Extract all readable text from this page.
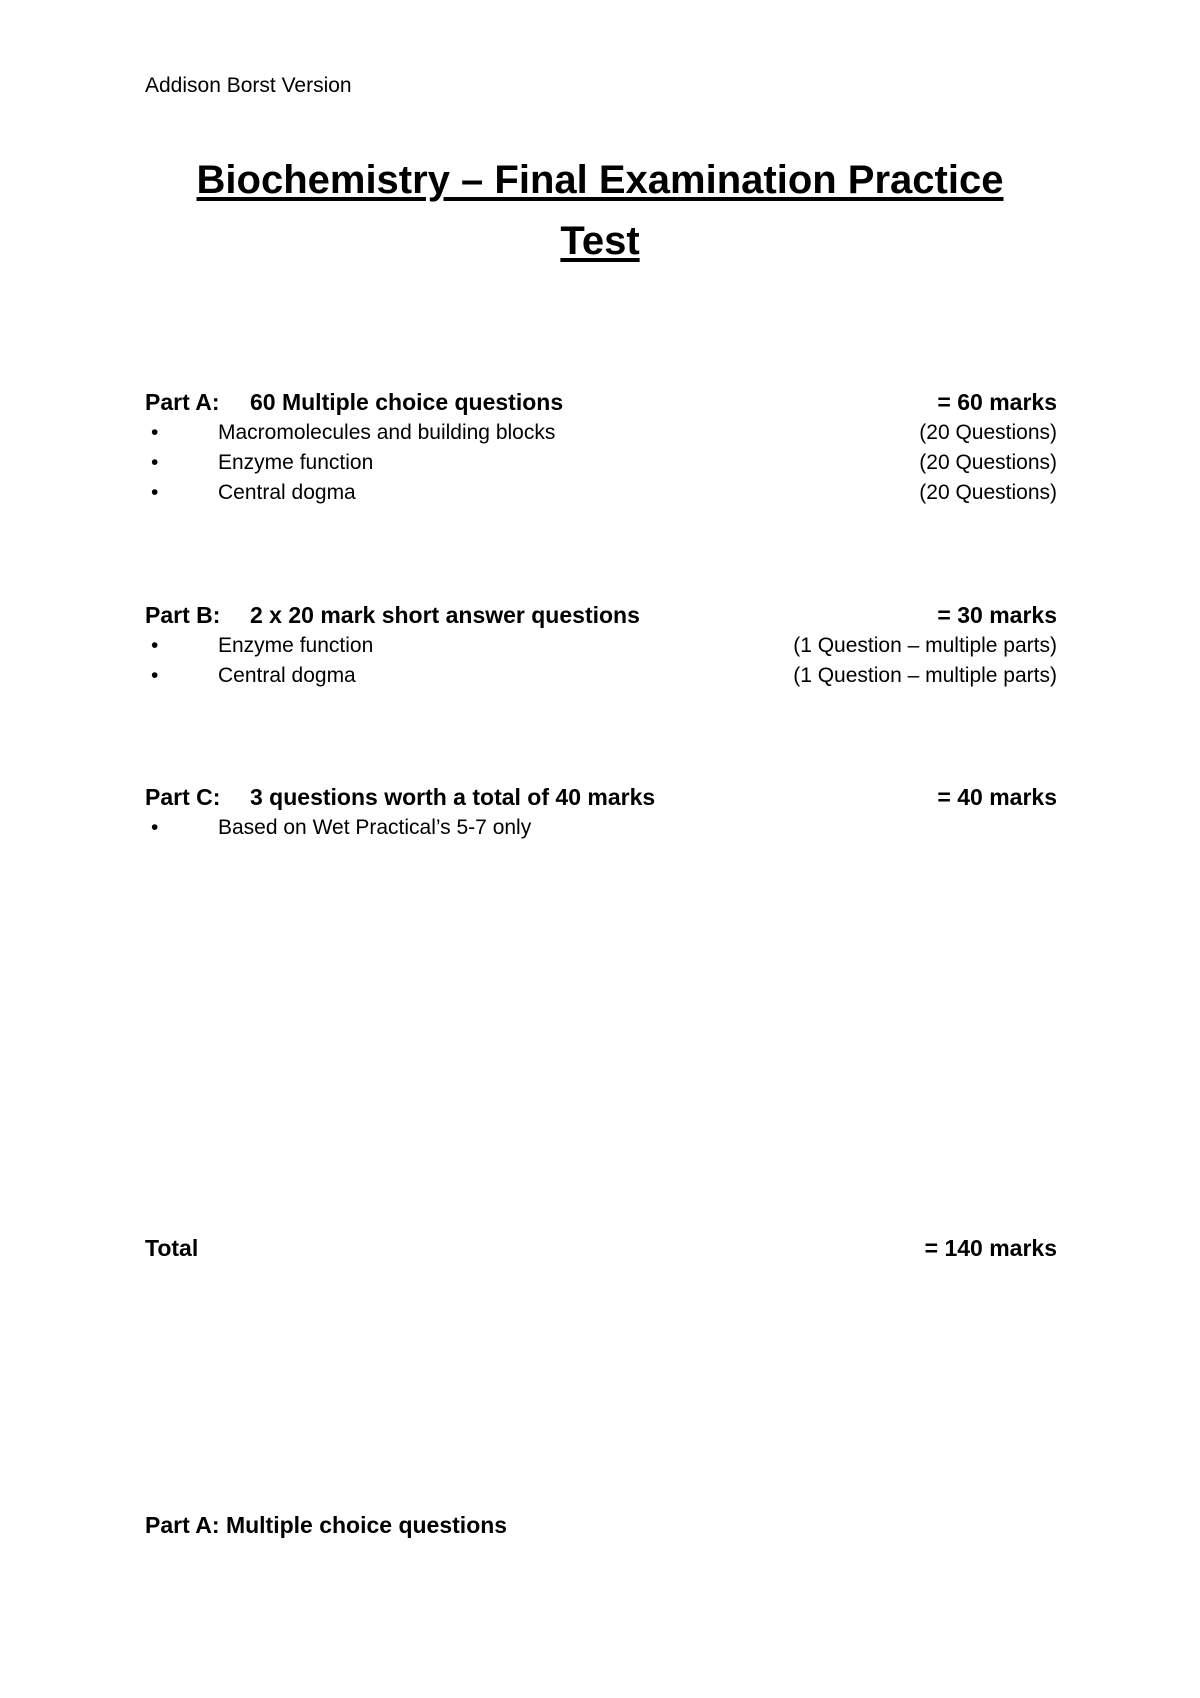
Addison Borst Version
Biochemistry – Final Examination Practice
Test
Part A: 60 Multiple choice questions	= 60 marks
•	Macromolecules and building blocks	(20 Questions)
•	Enzyme function	(20 Questions)
•	Central dogma	(20 Questions)
Part B: 2 x 20 mark short answer questions	= 30 marks
•	Enzyme function	(1 Question – multiple parts)
•	Central dogma	(1 Question – multiple parts)
Part C: 3 questions worth a total of 40 marks	= 40 marks
•	Based on Wet Practical’s 5-7 only
Total	= 140 marks
Part A: Multiple choice questions
